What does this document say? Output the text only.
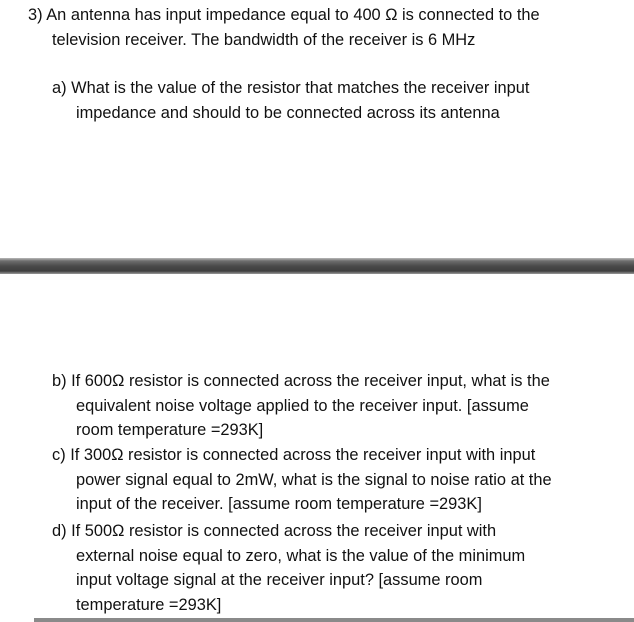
3) An antenna has input impedance equal to 400 Ω is connected to the
television receiver. The bandwidth of the receiver is 6 MHz
a) What is the value of the resistor that matches the receiver input
impedance and should to be connected across its antenna
b) If 600Ω resistor is connected across the receiver input, what is the
equivalent noise voltage applied to the receiver input. [assume
room temperature =293K]
c) If 300Ω resistor is connected across the receiver input with input
power signal equal to 2mW, what is the signal to noise ratio at the
input of the receiver. [assume room temperature =293K]
d) If 500Ω resistor is connected across the receiver input with
external noise equal to zero, what is the value of the minimum
input voltage signal at the receiver input? [assume room
temperature =293K]
